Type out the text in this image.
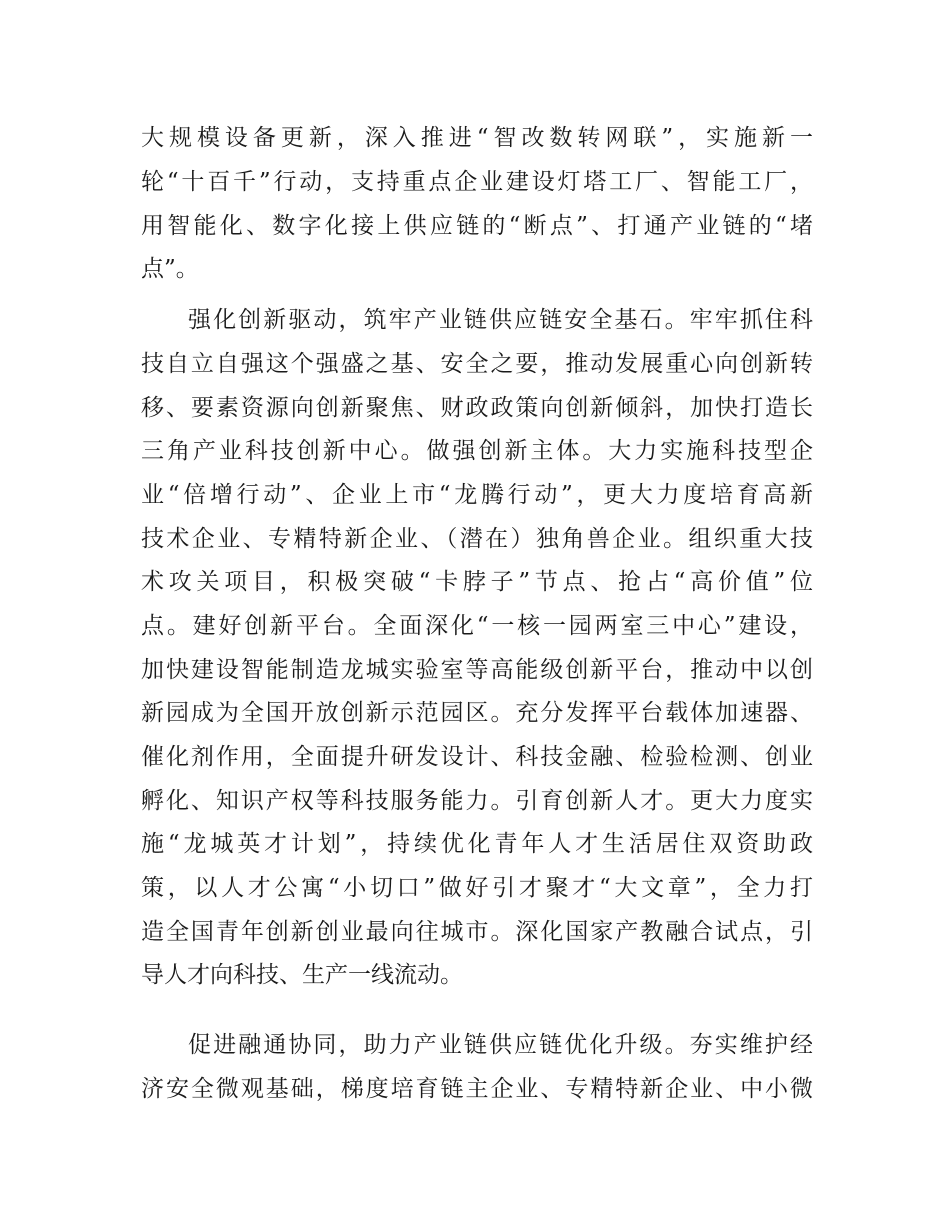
大规模设备更新，深入推进“智改数转网联”，实施新一
轮“十百千”行动，支持重点企业建设灯塔工厂、智能工厂，
用智能化、数字化接上供应链的“断点”、打通产业链的“堵
点”。
强化创新驱动，筑牢产业链供应链安全基石。牢牢抓住科
技自立自强这个强盛之基、安全之要，推动发展重心向创新转
移、要素资源向创新聚焦、财政政策向创新倾斜，加快打造长
三角产业科技创新中心。做强创新主体。大力实施科技型企
业“倍增行动”、企业上市“龙腾行动”，更大力度培育高新
技术企业、专精特新企业、（潜在）独角兽企业。组织重大技
术攻关项目，积极突破“卡脖子”节点、抢占“高价值”位
点。建好创新平台。全面深化“一核一园两室三中心”建设，
加快建设智能制造龙城实验室等高能级创新平台，推动中以创
新园成为全国开放创新示范园区。充分发挥平台载体加速器、
催化剂作用，全面提升研发设计、科技金融、检验检测、创业
孵化、知识产权等科技服务能力。引育创新人才。更大力度实
施“龙城英才计划”，持续优化青年人才生活居住双资助政
策，以人才公寓“小切口”做好引才聚才“大文章”，全力打
造全国青年创新创业最向往城市。深化国家产教融合试点，引
导人才向科技、生产一线流动。
促进融通协同，助力产业链供应链优化升级。夯实维护经
济安全微观基础，梯度培育链主企业、专精特新企业、中小微
